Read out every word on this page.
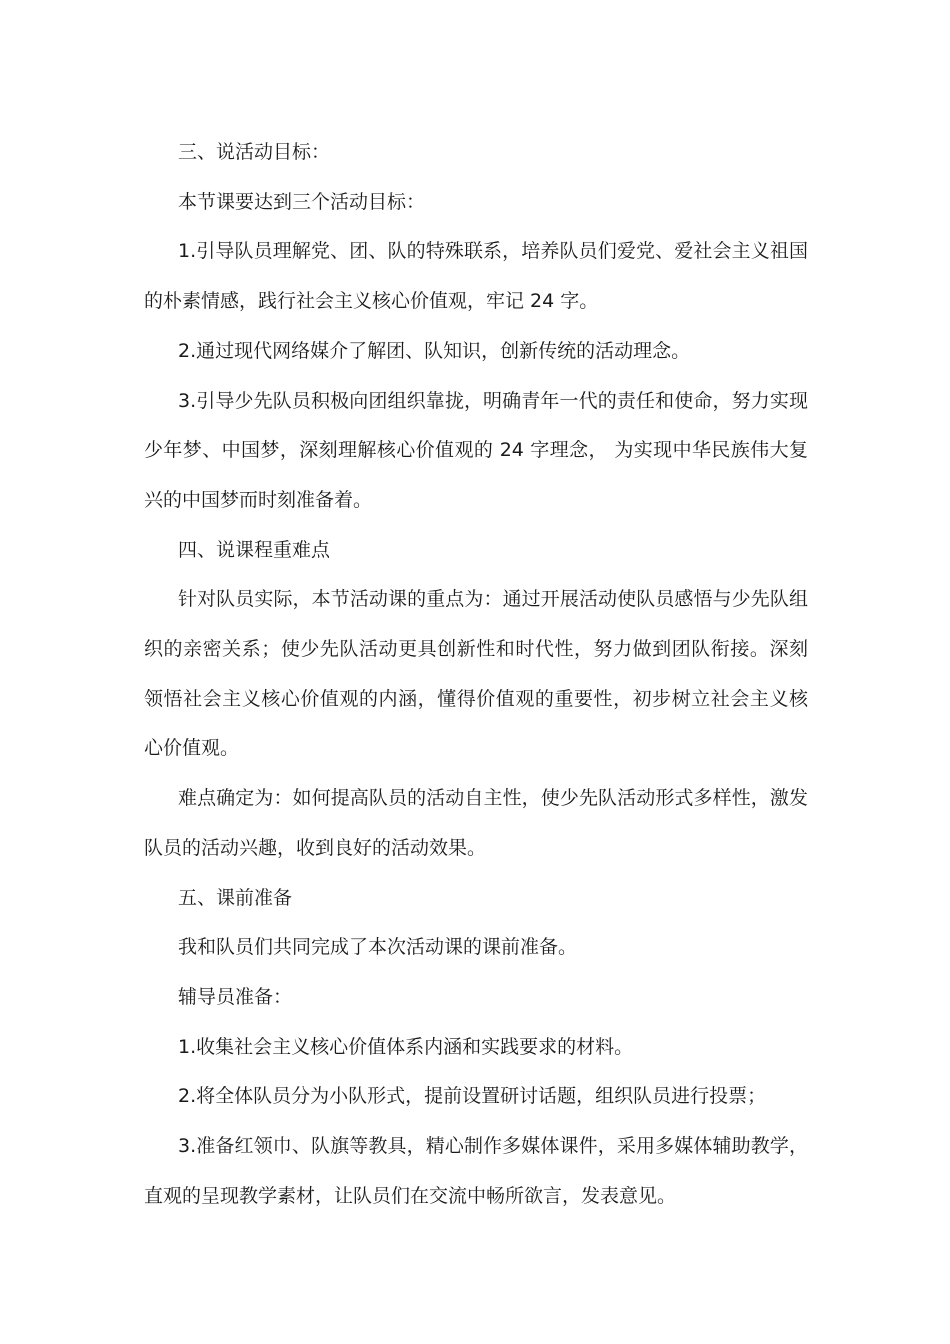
三、说活动目标：

本节课要达到三个活动目标：

1.引导队员理解党、团、队的特殊联系，培养队员们爱党、爱社会主义祖国的朴素情感，践行社会主义核心价值观，牢记 24 字。

2.通过现代网络媒介了解团、队知识，创新传统的活动理念。

3.引导少先队员积极向团组织靠拢，明确青年一代的责任和使命，努力实现少年梦、中国梦，深刻理解核心价值观的 24 字理念， 为实现中华民族伟大复兴的中国梦而时刻准备着。

四、说课程重难点

针对队员实际，本节活动课的重点为：通过开展活动使队员感悟与少先队组织的亲密关系；使少先队活动更具创新性和时代性，努力做到团队衔接。深刻领悟社会主义核心价值观的内涵，懂得价值观的重要性，初步树立社会主义核心价值观。

难点确定为：如何提高队员的活动自主性，使少先队活动形式多样性，激发队员的活动兴趣，收到良好的活动效果。

五、课前准备

我和队员们共同完成了本次活动课的课前准备。

辅导员准备：

1.收集社会主义核心价值体系内涵和实践要求的材料。

2.将全体队员分为小队形式，提前设置研讨话题，组织队员进行投票；

3.准备红领巾、队旗等教具，精心制作多媒体课件，采用多媒体辅助教学，直观的呈现教学素材，让队员们在交流中畅所欲言，发表意见。
